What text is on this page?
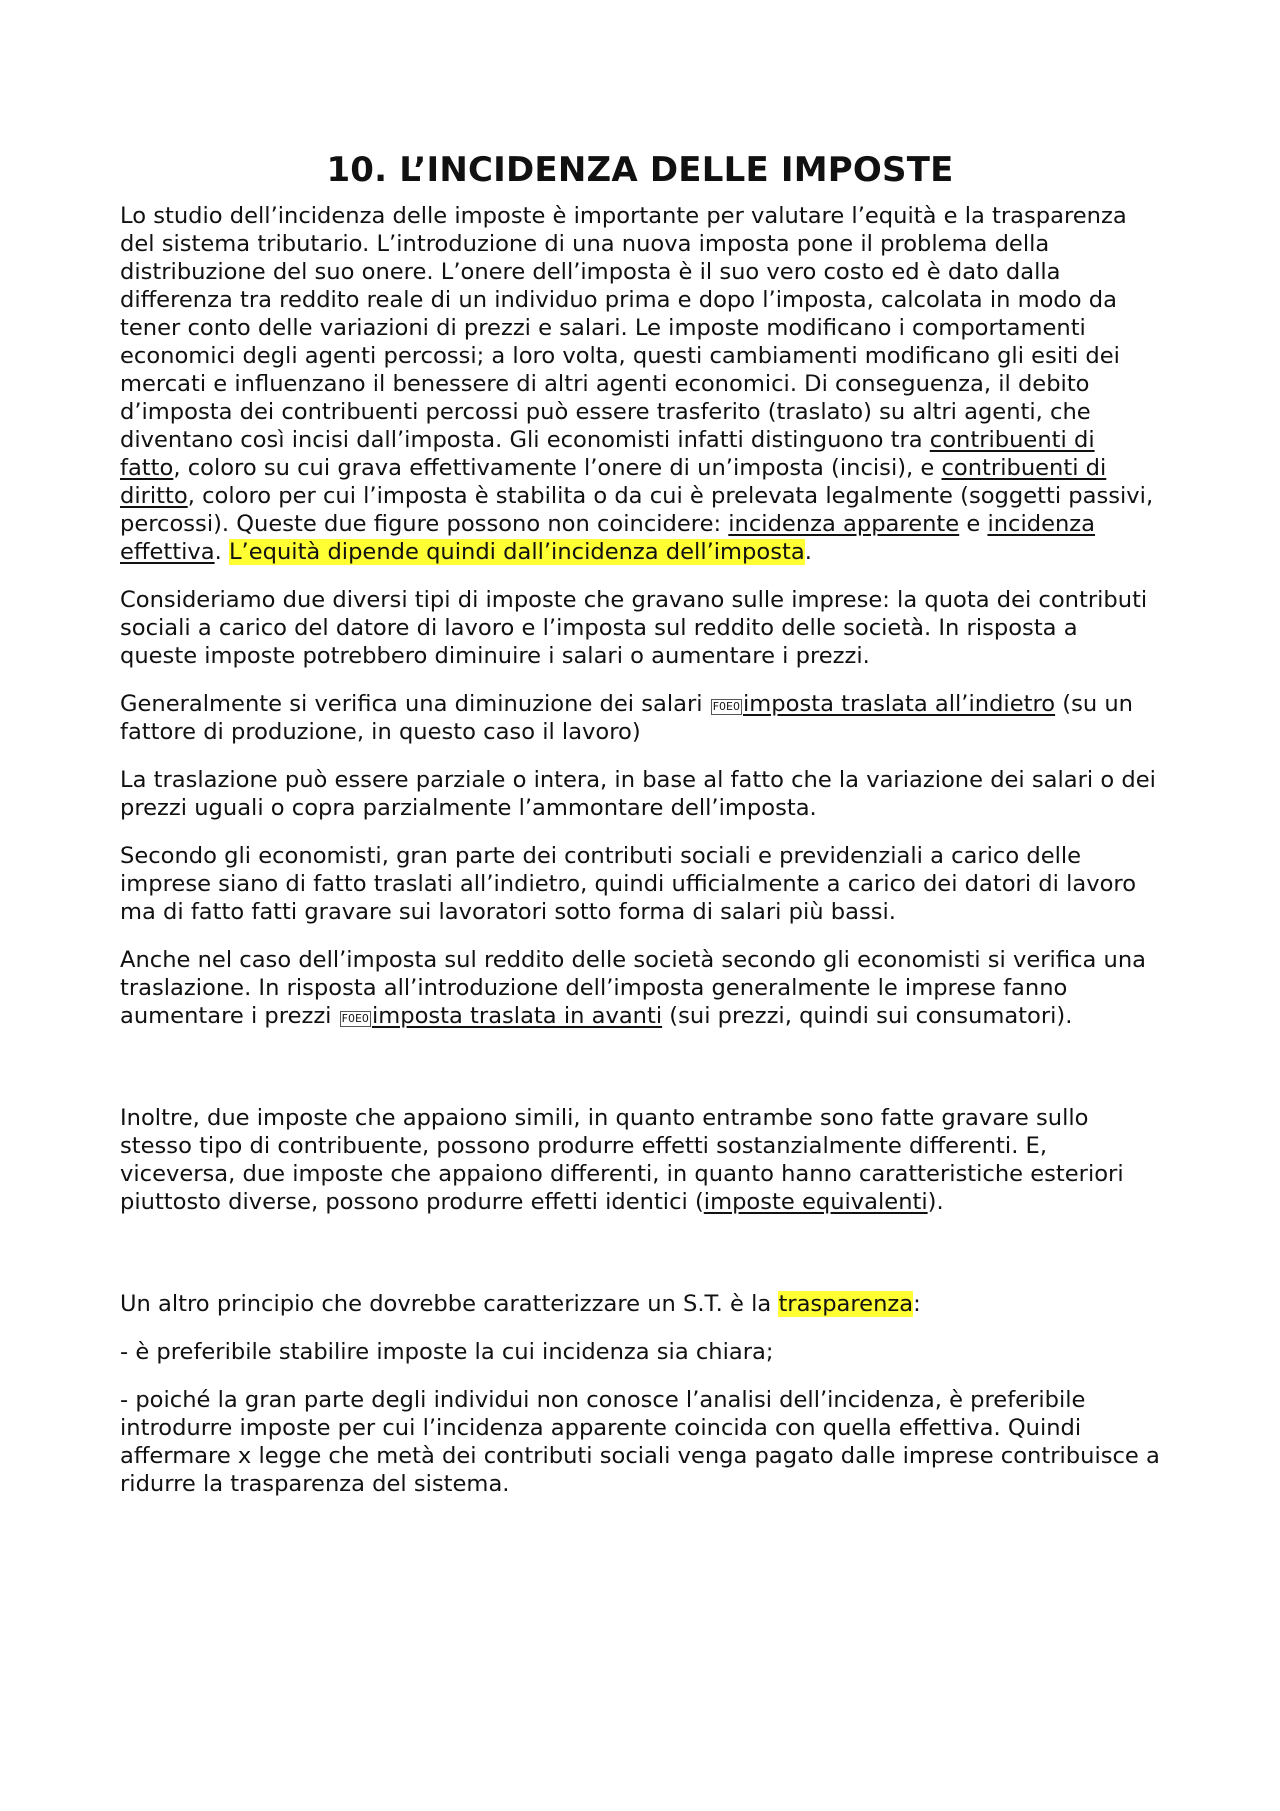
10. L’INCIDENZA DELLE IMPOSTE

Lo studio dell’incidenza delle imposte è importante per valutare l’equità e la trasparenza del sistema tributario. L’introduzione di una nuova imposta pone il problema della distribuzione del suo onere. L’onere dell’imposta è il suo vero costo ed è dato dalla differenza tra reddito reale di un individuo prima e dopo l’imposta, calcolata in modo da tener conto delle variazioni di prezzi e salari. Le imposte modificano i comportamenti economici degli agenti percossi; a loro volta, questi cambiamenti modificano gli esiti dei mercati e influenzano il benessere di altri agenti economici. Di conseguenza, il debito d’imposta dei contribuenti percossi può essere trasferito (traslato) su altri agenti, che diventano così incisi dall’imposta. Gli economisti infatti distinguono tra contribuenti di fatto, coloro su cui grava effettivamente l’onere di un’imposta (incisi), e contribuenti di diritto, coloro per cui l’imposta è stabilita o da cui è prelevata legalmente (soggetti passivi, percossi). Queste due figure possono non coincidere: incidenza apparente e incidenza effettiva. L’equità dipende quindi dall’incidenza dell’imposta.

Consideriamo due diversi tipi di imposte che gravano sulle imprese: la quota dei contributi sociali a carico del datore di lavoro e l’imposta sul reddito delle società. In risposta a queste imposte potrebbero diminuire i salari o aumentare i prezzi.

Generalmente si verifica una diminuzione dei salari F0E0 imposta traslata all’indietro (su un fattore di produzione, in questo caso il lavoro)

La traslazione può essere parziale o intera, in base al fatto che la variazione dei salari o dei prezzi uguali o copra parzialmente l’ammontare dell’imposta.

Secondo gli economisti, gran parte dei contributi sociali e previdenziali a carico delle imprese siano di fatto traslati all’indietro, quindi ufficialmente a carico dei datori di lavoro ma di fatto fatti gravare sui lavoratori sotto forma di salari più bassi.

Anche nel caso dell’imposta sul reddito delle società secondo gli economisti si verifica una traslazione. In risposta all’introduzione dell’imposta generalmente le imprese fanno aumentare i prezzi F0E0 imposta traslata in avanti (sui prezzi, quindi sui consumatori).

Inoltre, due imposte che appaiono simili, in quanto entrambe sono fatte gravare sullo stesso tipo di contribuente, possono produrre effetti sostanzialmente differenti. E, viceversa, due imposte che appaiono differenti, in quanto hanno caratteristiche esteriori piuttosto diverse, possono produrre effetti identici (imposte equivalenti).

Un altro principio che dovrebbe caratterizzare un S.T. è la trasparenza:

- è preferibile stabilire imposte la cui incidenza sia chiara;

- poiché la gran parte degli individui non conosce l’analisi dell’incidenza, è preferibile introdurre imposte per cui l’incidenza apparente coincida con quella effettiva. Quindi affermare x legge che metà dei contributi sociali venga pagato dalle imprese contribuisce a ridurre la trasparenza del sistema.
